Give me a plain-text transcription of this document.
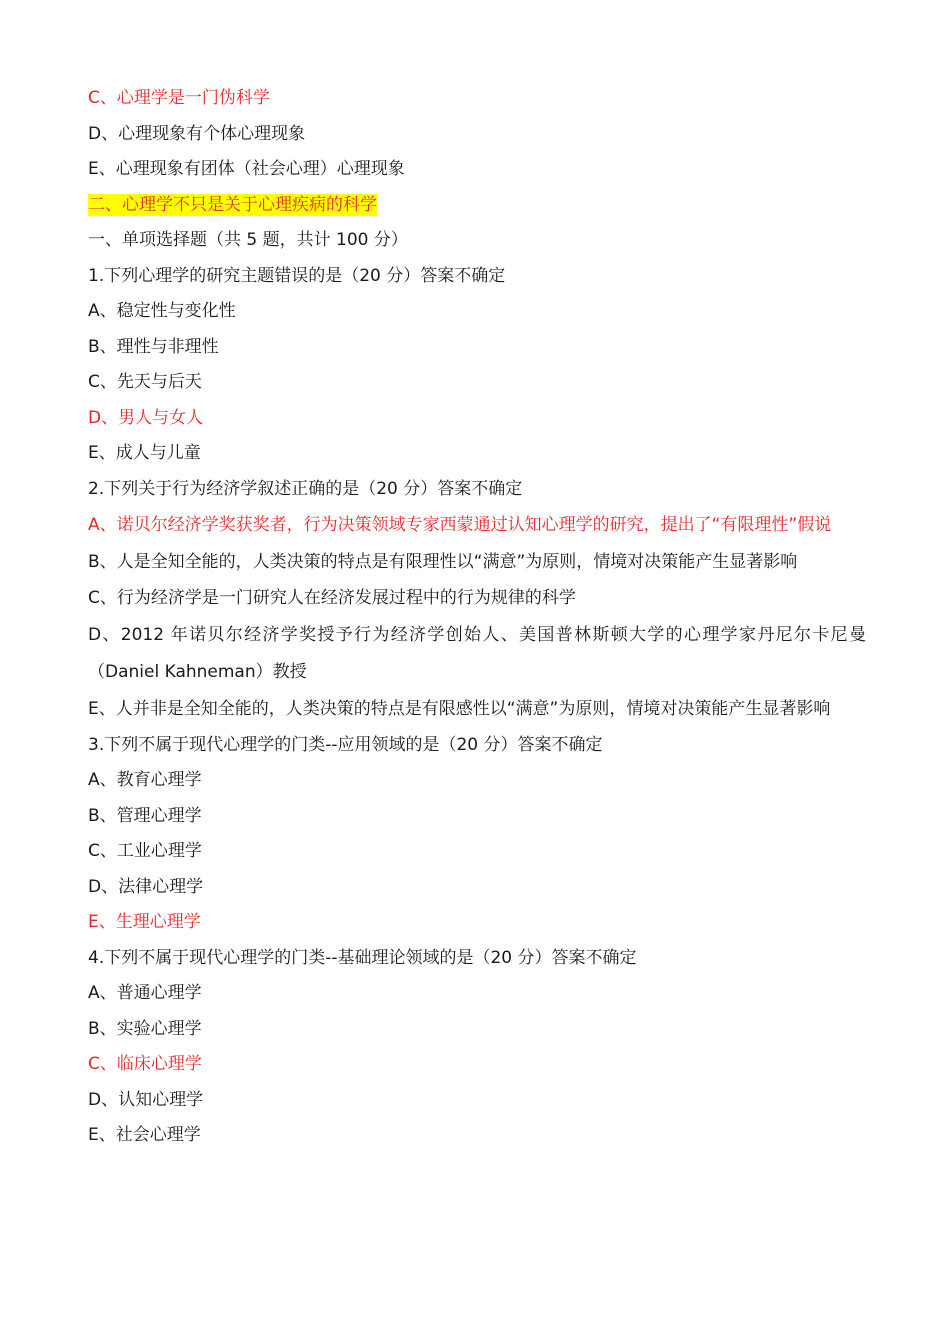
C、心理学是一门伪科学
D、心理现象有个体心理现象
E、心理现象有团体（社会心理）心理现象
二、心理学不只是关于心理疾病的科学
一、单项选择题（共 5 题，共计 100 分）
1.下列心理学的研究主题错误的是（20 分）答案不确定
A、稳定性与变化性
B、理性与非理性
C、先天与后天
D、男人与女人
E、成人与儿童
2.下列关于行为经济学叙述正确的是（20 分）答案不确定
A、诺贝尔经济学奖获奖者，行为决策领域专家西蒙通过认知心理学的研究，提出了“有限理性”假说
B、人是全知全能的，人类决策的特点是有限理性以“满意”为原则，情境对决策能产生显著影响
C、行为经济学是一门研究人在经济发展过程中的行为规律的科学
D、2012 年诺贝尔经济学奖授予行为经济学创始人、美国普林斯顿大学的心理学家丹尼尔卡尼曼（Daniel Kahneman）教授
E、人并非是全知全能的，人类决策的特点是有限感性以“满意”为原则，情境对决策能产生显著影响
3.下列不属于现代心理学的门类--应用领域的是（20 分）答案不确定
A、教育心理学
B、管理心理学
C、工业心理学
D、法律心理学
E、生理心理学
4.下列不属于现代心理学的门类--基础理论领域的是（20 分）答案不确定
A、普通心理学
B、实验心理学
C、临床心理学
D、认知心理学
E、社会心理学
